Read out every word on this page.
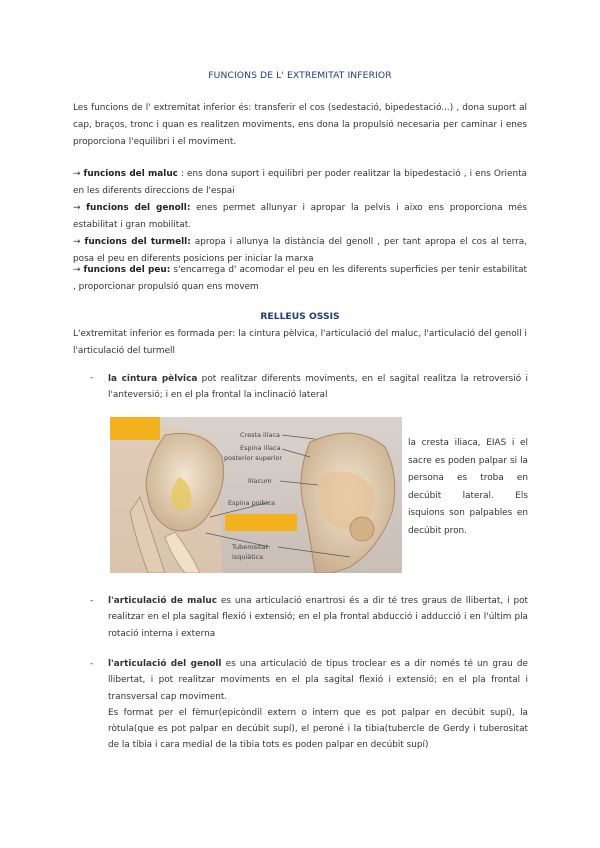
FUNCIONS DE L' EXTREMITAT INFERIOR

Les funcions de l' extremitat inferior és: transferir el cos (sedestació, bipedestació...) , dona suport al cap, braços, tronc i quan es realitzen moviments, ens dona la propulsió necesaria per caminar i enes proporciona l'equilibri i el moviment.

→ funcions del maluc : ens dona suport i equilibri per poder realitzar la bipedestació , i ens Orienta en les diferents direccions de l'espai

→ funcions del genoll: enes permet allunyar i apropar la pelvis i aixo ens proporciona més estabilitat i gran mobilitat.

→ funcions del turmell: apropa i allunya la distància del genoll , per tant apropa el cos al terra, posa el peu en diferents posicions per iniciar la marxa

→ funcions del peu: s'encarrega d' acomodar el peu en les diferents superficies per tenir estabilitat , proporcionar propulsió quan ens movem

RELLEUS OSSIS

L'extremitat inferior es formada per: la cintura pèlvica, l'articulació del maluc, l'articulació del genoll i l'articulació del turmell

- la cintura pèlvica pot realitzar diferents moviments, en el sagital realitza la retroversió i l'anteversió; i en el pla frontal la inclinació lateral

Cresta ilíaca
Espina ilíaca
posterior superior
Ilíacum
Espina poibica
Tuberositat
isquiàtica

la cresta iliaca, EIAS i el sacre es poden palpar si la persona es troba en decúbit lateral. Els isquions son palpables en decúbit pron.

- l'articulació de maluc es una articulació enartrosi és a dir té tres graus de llibertat, i pot realitzar en el pla sagital flexió i extensió; en el pla frontal abducció i adducció i en l'últim pla rotació interna i externa

- l'articulació del genoll es una articulació de tipus troclear es a dir només té un grau de llibertat, i pot realitzar moviments en el pla sagital flexió i extensió; en el pla frontal i transversal cap moviment.
Es format per el fèmur(epicòndil extern o intern que es pot palpar en decúbit supí), la ròtula(que es pot palpar en decúbit supí), el peroné i la tibia(tubercle de Gerdy i tuberositat de la tibia i cara medial de la tibia tots es poden palpar en decúbit supí)
